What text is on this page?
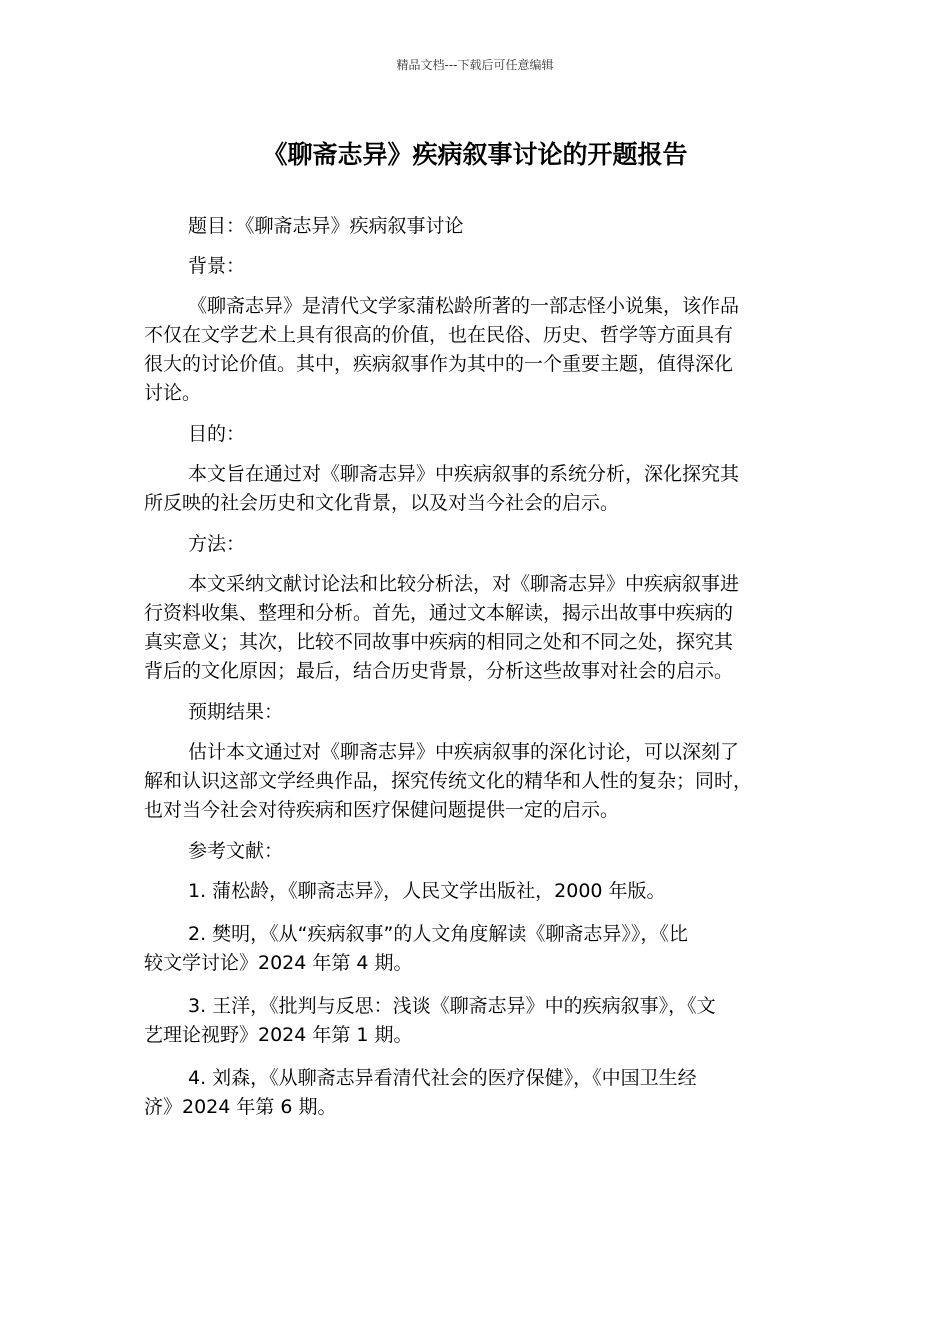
精品文档---下载后可任意编辑
《聊斋志异》疾病叙事讨论的开题报告

题目：《聊斋志异》疾病叙事讨论

背景：

《聊斋志异》是清代文学家蒲松龄所著的一部志怪小说集，该作品
不仅在文学艺术上具有很高的价值，也在民俗、历史、哲学等方面具有
很大的讨论价值。其中，疾病叙事作为其中的一个重要主题，值得深化
讨论。

目的：

本文旨在通过对《聊斋志异》中疾病叙事的系统分析，深化探究其
所反映的社会历史和文化背景，以及对当今社会的启示。

方法：

本文采纳文献讨论法和比较分析法，对《聊斋志异》中疾病叙事进
行资料收集、整理和分析。首先，通过文本解读，揭示出故事中疾病的
真实意义；其次，比较不同故事中疾病的相同之处和不同之处，探究其
背后的文化原因；最后，结合历史背景，分析这些故事对社会的启示。

预期结果：

估计本文通过对《聊斋志异》中疾病叙事的深化讨论，可以深刻了
解和认识这部文学经典作品，探究传统文化的精华和人性的复杂；同时，
也对当今社会对待疾病和医疗保健问题提供一定的启示。

参考文献：

1. 蒲松龄，《聊斋志异》，人民文学出版社，2000 年版。

2. 樊明，《从“疾病叙事”的人文角度解读《聊斋志异》》，《比
较文学讨论》2024 年第 4 期。

3. 王洋，《批判与反思：浅谈《聊斋志异》中的疾病叙事》，《文
艺理论视野》2024 年第 1 期。

4. 刘森，《从聊斋志异看清代社会的医疗保健》，《中国卫生经
济》2024 年第 6 期。
